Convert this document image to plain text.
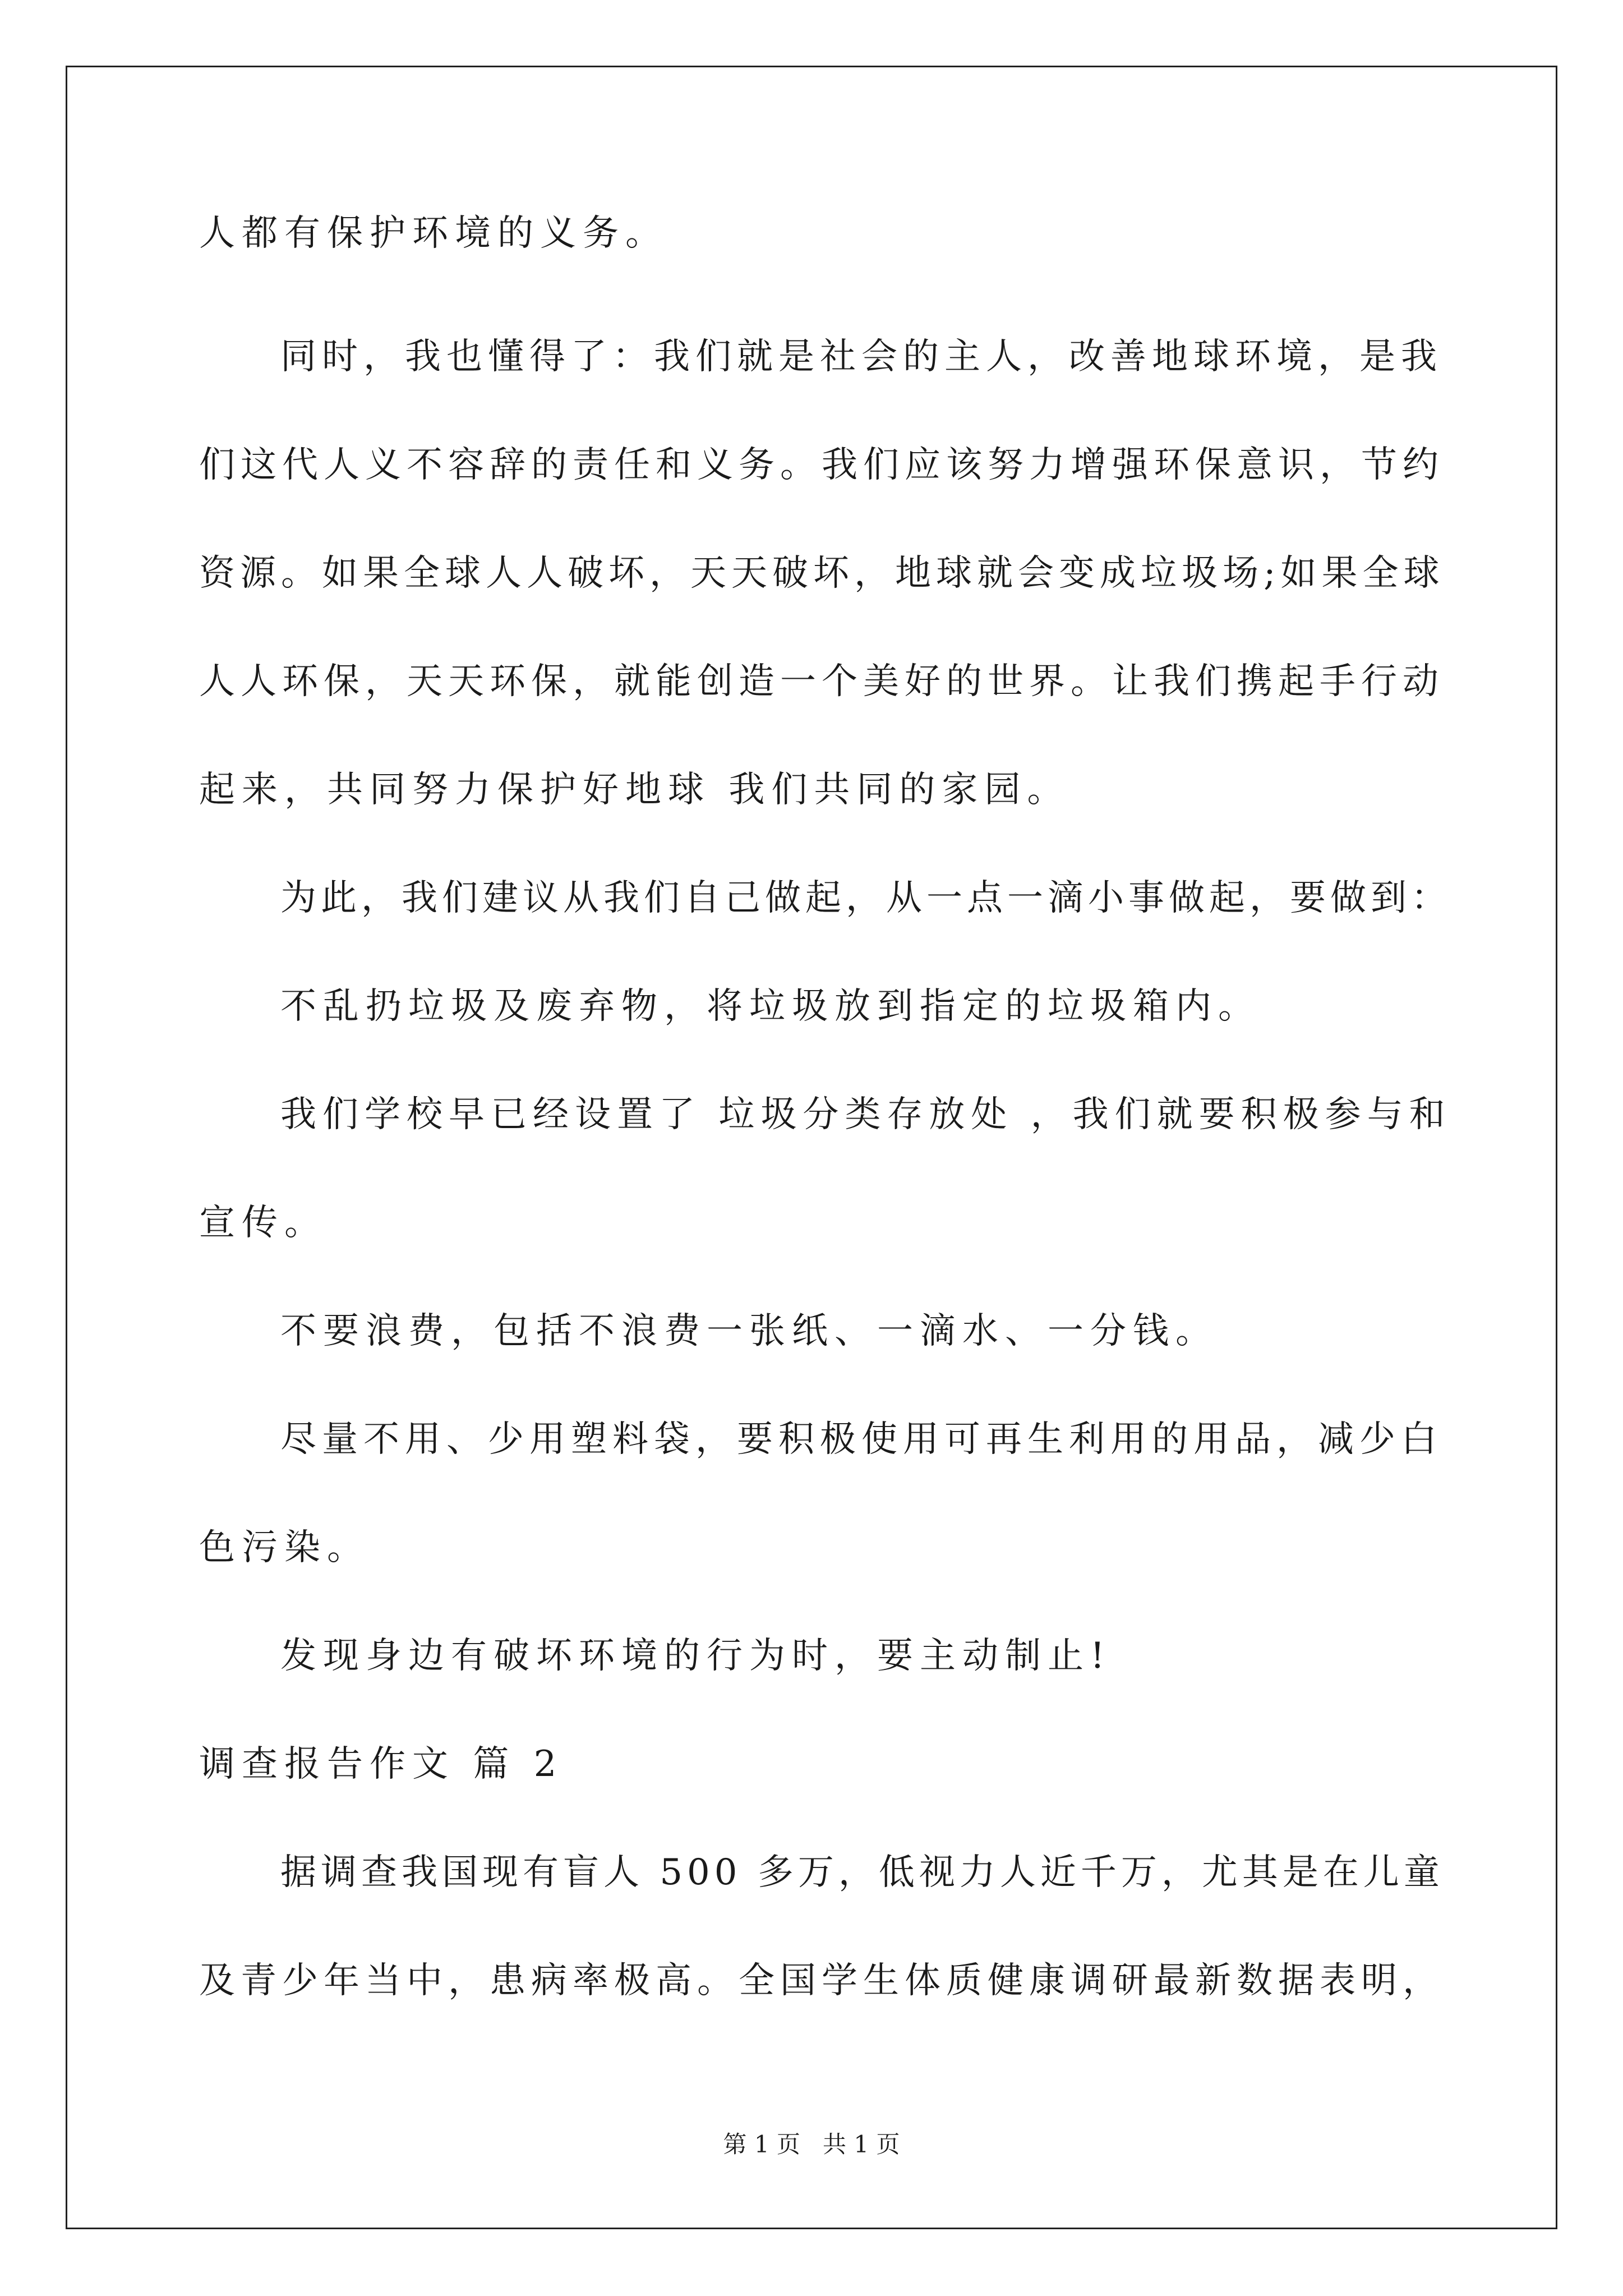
人都有保护环境的义务。
同时，我也懂得了：我们就是社会的主人，改善地球环境，是我
们这代人义不容辞的责任和义务。我们应该努力增强环保意识，节约
资源。如果全球人人破坏，天天破坏，地球就会变成垃圾场;如果全球
人人环保，天天环保，就能创造一个美好的世界。让我们携起手行动
起来，共同努力保护好地球 我们共同的家园。
为此，我们建议从我们自己做起，从一点一滴小事做起，要做到：
不乱扔垃圾及废弃物，将垃圾放到指定的垃圾箱内。
我们学校早已经设置了 垃圾分类存放处 ，我们就要积极参与和
宣传。
不要浪费，包括不浪费一张纸、一滴水、一分钱。
尽量不用、少用塑料袋，要积极使用可再生利用的用品，减少白
色污染。
发现身边有破坏环境的行为时，要主动制止!
调查报告作文 篇 2
据调查我国现有盲人 500 多万，低视力人近千万，尤其是在儿童
及青少年当中，患病率极高。全国学生体质健康调研最新数据表明，
第 1 页   共 1 页
